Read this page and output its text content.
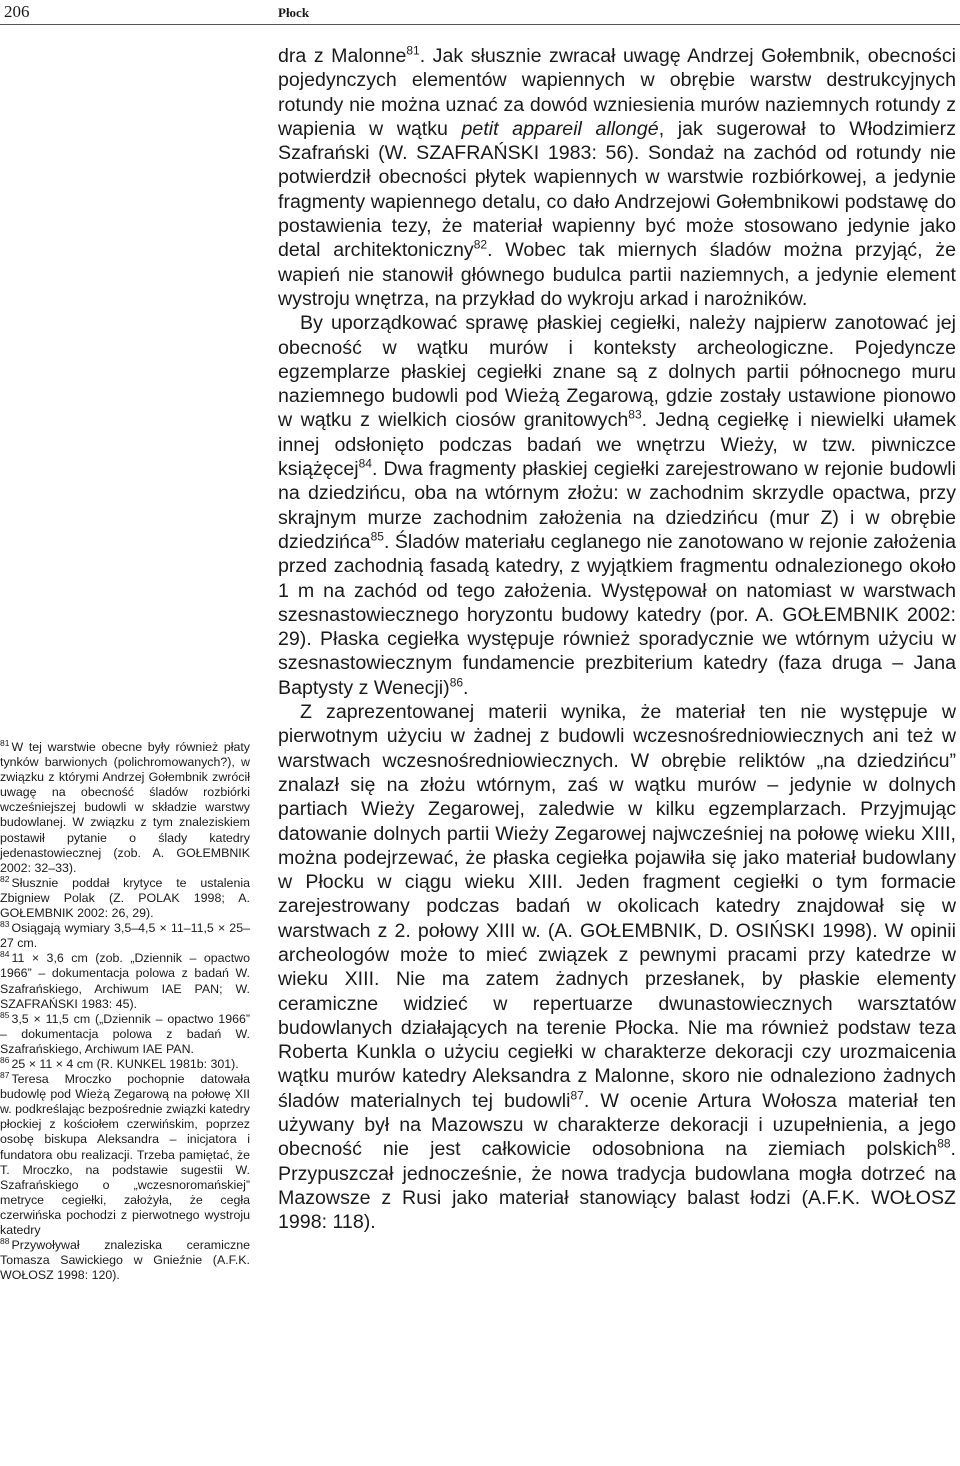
206	Płock

$^{81}$ W tej warstwie obecne były również płaty tynków barwionych (polichromowanych?), w związku z którymi Andrzej Gołembnik zwrócił uwagę na obecność śladów rozbiórki wcześniejszej budowli w składzie warstwy budowlanej. W związku z tym znaleziskiem postawił pytanie o ślady katedry jedenastowiecznej (zob. A. GOŁEMBNIK 2002: 32–33).

$^{82}$ Słusznie poddał krytyce te ustalenia Zbigniew Polak (Z. POLAK 1998; A. GOŁEMBNIK 2002: 26, 29).

$^{83}$ Osiągają wymiary 3,5–4,5 × 11–11,5 × 25–27 cm.

$^{84}$ 11 × 3,6 cm (zob. „Dziennik – opactwo 1966” – dokumentacja polowa z badań W. Szafrańskiego, Archiwum IAE PAN; W. SZAFRAŃSKI 1983: 45).

$^{85}$ 3,5 × 11,5 cm („Dziennik – opactwo 1966” – dokumentacja polowa z badań W. Szafrańskiego, Archiwum IAE PAN.

$^{86}$ 25 × 11 × 4 cm (R. KUNKEL 1981b: 301).

$^{87}$ Teresa Mroczko pochopnie datowała budowlę pod Wieżą Zegarową na połowę XII w. podkreślając bezpośrednie związki katedry płockiej z kościołem czerwińskim, poprzez osobę biskupa Aleksandra – inicjatora i fundatora obu realizacji. Trzeba pamiętać, że T. Mroczko, na podstawie sugestii W. Szafrańskiego o „wczesnoromańskiej” metryce cegiełki, założyła, że cegła czerwińska pochodzi z pierwotnego wystroju katedry

$^{88}$ Przywoływał znaleziska ceramiczne Tomasza Sawickiego w Gnieźnie (A.F.K. WOŁOSZ 1998: 120).

dra z Malonne$^{81}$. Jak słusznie zwracał uwagę Andrzej Gołembnik, obecności pojedynczych elementów wapiennych w obrębie warstw destrukcyjnych rotundy nie można uznać za dowód wzniesienia murów naziemnych rotundy z wapienia w wątku petit appareil allongé, jak sugerował to Włodzimierz Szafrański (W. SZAFRAŃSKI 1983: 56). Sondaż na zachód od rotundy nie potwierdził obecności płytek wapiennych w warstwie rozbiórkowej, a jedynie fragmenty wapiennego detalu, co dało Andrzejowi Gołembnikowi podstawę do postawienia tezy, że materiał wapienny być może stosowano jedynie jako detal architektoniczny$^{82}$. Wobec tak miernych śladów można przyjąć, że wapień nie stanowił głównego budulca partii naziemnych, a jedynie element wystroju wnętrza, na przykład do wykroju arkad i narożników.

By uporządkować sprawę płaskiej cegiełki, należy najpierw zanotować jej obecność w wątku murów i konteksty archeologiczne. Pojedyncze egzemplarze płaskiej cegiełki znane są z dolnych partii północnego muru naziemnego budowli pod Wieżą Zegarową, gdzie zostały ustawione pionowo w wątku z wielkich ciosów granitowych$^{83}$. Jedną cegiełkę i niewielki ułamek innej odsłonięto podczas badań we wnętrzu Wieży, w tzw. piwniczce książęcej$^{84}$. Dwa fragmenty płaskiej cegiełki zarejestrowano w rejonie budowli na dziedzińcu, oba na wtórnym złożu: w zachodnim skrzydle opactwa, przy skrajnym murze zachodnim założenia na dziedzińcu (mur Z) i w obrębie dziedzińca$^{85}$. Śladów materiału ceglanego nie zanotowano w rejonie założenia przed zachodnią fasadą katedry, z wyjątkiem fragmentu odnalezionego około 1 m na zachód od tego założenia. Występował on natomiast w warstwach szesnastowiecznego horyzontu budowy katedry (por. A. GOŁEMBNIK 2002: 29). Płaska cegiełka występuje również sporadycznie we wtórnym użyciu w szesnastowiecznym fundamencie prezbiterium katedry (faza druga – Jana Baptysty z Wenecji)$^{86}$.

Z zaprezentowanej materii wynika, że materiał ten nie występuje w pierwotnym użyciu w żadnej z budowli wczesnośredniowiecznych ani też w warstwach wczesnośredniowiecznych. W obrębie reliktów „na dziedzińcu” znalazł się na złożu wtórnym, zaś w wątku murów – jedynie w dolnych partiach Wieży Zegarowej, zaledwie w kilku egzemplarzach. Przyjmując datowanie dolnych partii Wieży Zegarowej najwcześniej na połowę wieku XIII, można podejrzewać, że płaska cegiełka pojawiła się jako materiał budowlany w Płocku w ciągu wieku XIII. Jeden fragment cegiełki o tym formacie zarejestrowany podczas badań w okolicach katedry znajdował się w warstwach z 2. połowy XIII w. (A. GOŁEMBNIK, D. OSIŃSKI 1998). W opinii archeologów może to mieć związek z pewnymi pracami przy katedrze w wieku XIII. Nie ma zatem żadnych przesłanek, by płaskie elementy ceramiczne widzieć w repertuarze dwunastowiecznych warsztatów budowlanych działających na terenie Płocka. Nie ma również podstaw teza Roberta Kunkla o użyciu cegiełki w charakterze dekoracji czy urozmaicenia wątku murów katedry Aleksandra z Malonne, skoro nie odnaleziono żadnych śladów materialnych tej budowli$^{87}$. W ocenie Artura Wołosza materiał ten używany był na Mazowszu w charakterze dekoracji i uzupełnienia, a jego obecność nie jest całkowicie odosobniona na ziemiach polskich$^{88}$. Przypuszczał jednocześnie, że nowa tradycja budowlana mogła dotrzeć na Mazowsze z Rusi jako materiał stanowiący balast łodzi (A.F.K. WOŁOSZ 1998: 118).
